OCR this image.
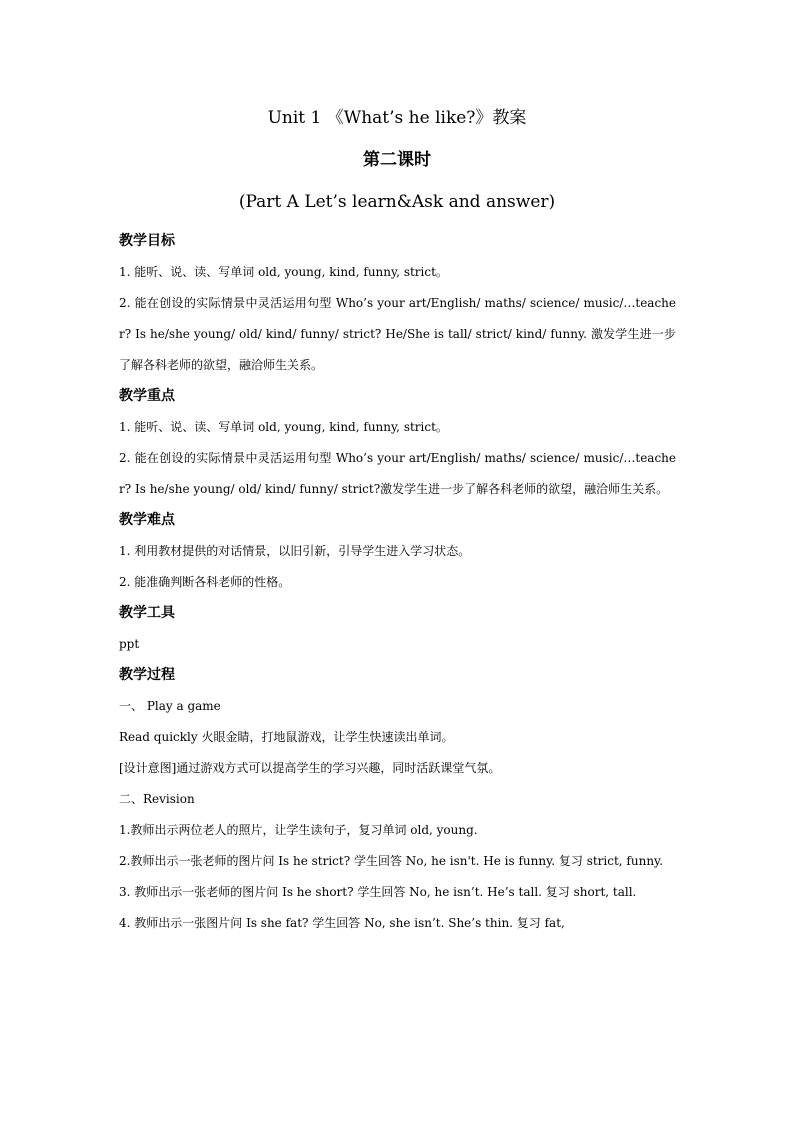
Unit 1 《What’s he like?》教案
第二课时
(Part A Let’s learn&Ask and answer)
教学目标
1. 能听、说、读、写单词 old, young, kind, funny, strict。
2. 能在创设的实际情景中灵活运用句型 Who’s your art/English/ maths/ science/ music/…teacher? Is he/she young/ old/ kind/ funny/ strict? He/She is tall/ strict/ kind/ funny. 激发学生进一步了解各科老师的欲望，融洽师生关系。
教学重点
1. 能听、说、读、写单词 old, young, kind, funny, strict。
2. 能在创设的实际情景中灵活运用句型 Who’s your art/English/ maths/ science/ music/…teacher? Is he/she young/ old/ kind/ funny/ strict?激发学生进一步了解各科老师的欲望，融洽师生关系。
教学难点
1. 利用教材提供的对话情景，以旧引新，引导学生进入学习状态。
2. 能准确判断各科老师的性格。
教学工具
ppt
教学过程
一、 Play a game
Read quickly 火眼金睛，打地鼠游戏，让学生快速读出单词。
[设计意图]通过游戏方式可以提高学生的学习兴趣，同时活跃课堂气氛。
二、Revision
1.教师出示两位老人的照片，让学生读句子，复习单词 old, young.
2.教师出示一张老师的图片问 Is he strict? 学生回答 No, he isn't. He is funny. 复习 strict, funny.
3. 教师出示一张老师的图片问 Is he short? 学生回答 No, he isn’t. He’s tall. 复习 short, tall.
4. 教师出示一张图片问 Is she fat? 学生回答 No, she isn’t. She’s thin. 复习 fat,
